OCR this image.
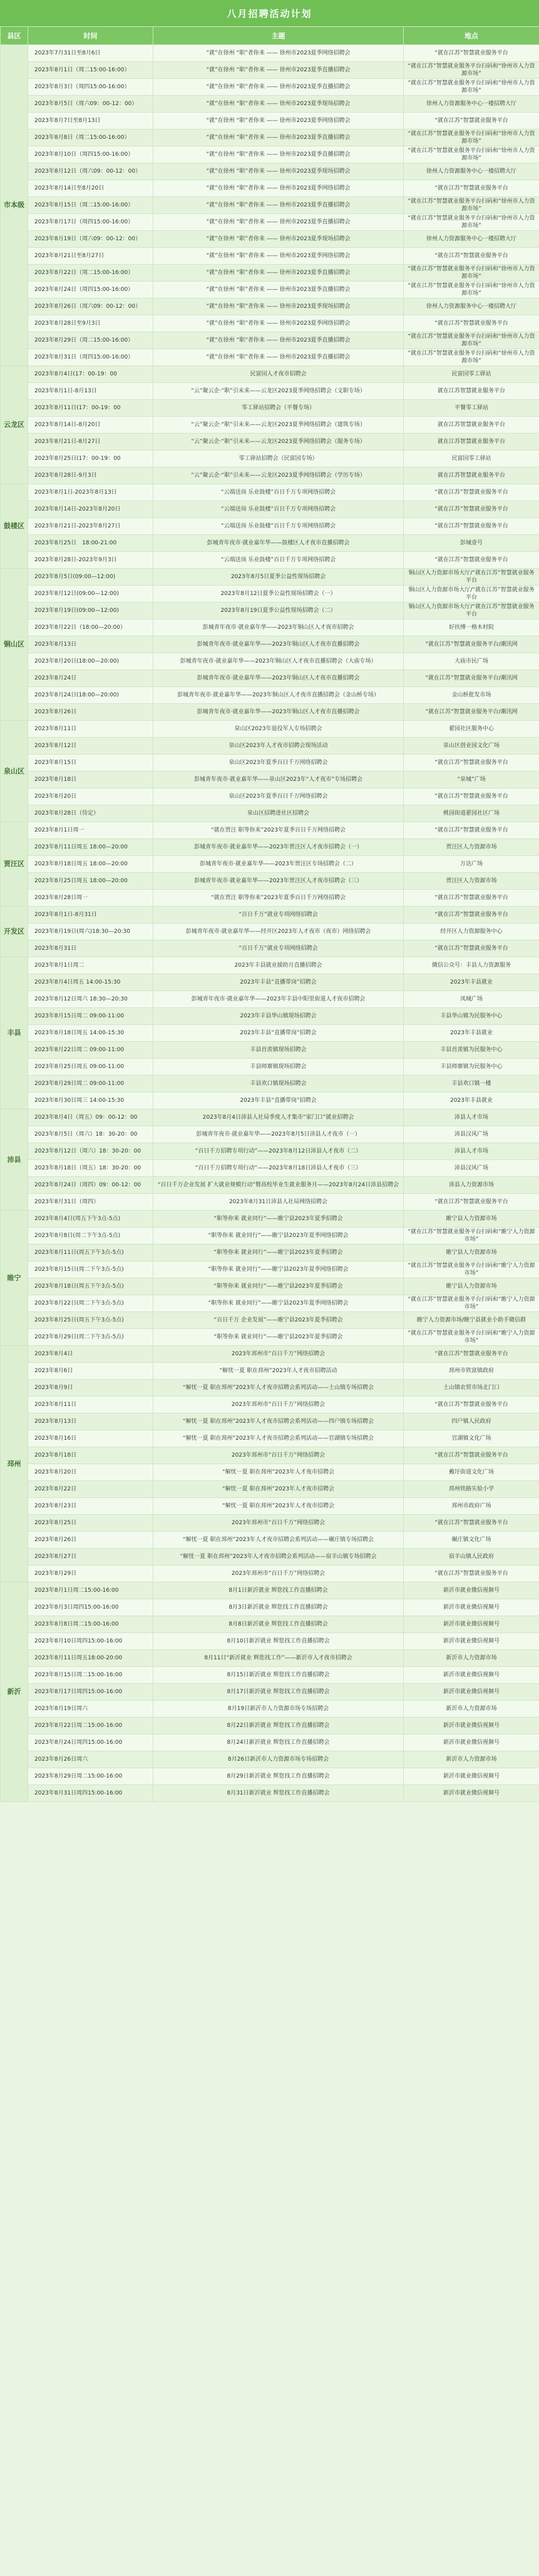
八月招聘活动计划
县区	时间	主题	地点
市本级	2023年7月31日至8月6日	“就”在徐州 “职”者你来 —— 徐州市2023夏季网络招聘会	“就在江苏”智慧就业服务平台
	2023年8月1日（周二15:00-16:00）	“就”在徐州 “职”者你来 —— 徐州市2023夏季直播招聘会	“就在江苏”智慧就业服务平台扫码和“徐州市人力资源市场”
	2023年8月3日（周四15:00-16:00）	“就”在徐州 “职”者你来 —— 徐州市2023夏季直播招聘会	“就在江苏”智慧就业服务平台扫码和“徐州市人力资源市场”
	2023年8月5日（周六09：00-12：00）	“就”在徐州 “职”者你来 —— 徐州市2023夏季现场招聘会	徐州人力资源服务中心一楼招聘大厅
	2023年8月7日至8月13日	“就”在徐州 “职”者你来 —— 徐州市2023夏季网络招聘会	“就在江苏”智慧就业服务平台
	2023年8月8日（周二15:00-16:00）	“就”在徐州 “职”者你来 —— 徐州市2023夏季直播招聘会	“就在江苏”智慧就业服务平台扫码和“徐州市人力资源市场”
	2023年8月10日（周四15:00-16:00）	“就”在徐州 “职”者你来 —— 徐州市2023夏季直播招聘会	“就在江苏”智慧就业服务平台扫码和“徐州市人力资源市场”
	2023年8月12日（周六09：00-12：00）	“就”在徐州 “职”者你来 —— 徐州市2023夏季现场招聘会	徐州人力资源服务中心一楼招聘大厅
	2023年8月14日至8月20日	“就”在徐州 “职”者你来 —— 徐州市2023夏季网络招聘会	“就在江苏”智慧就业服务平台
	2023年8月15日（周二15:00-16:00）	“就”在徐州 “职”者你来 —— 徐州市2023夏季直播招聘会	“就在江苏”智慧就业服务平台扫码和“徐州市人力资源市场”
	2023年8月17日（周四15:00-16:00）	“就”在徐州 “职”者你来 —— 徐州市2023夏季直播招聘会	“就在江苏”智慧就业服务平台扫码和“徐州市人力资源市场”
	2023年8月19日（周六09：00-12：00）	“就”在徐州 “职”者你来 —— 徐州市2023夏季现场招聘会	徐州人力资源服务中心一楼招聘大厅
	2023年8月21日至8月27日	“就”在徐州 “职”者你来 —— 徐州市2023夏季网络招聘会	“就在江苏”智慧就业服务平台
	2023年8月22日（周二15:00-16:00）	“就”在徐州 “职”者你来 —— 徐州市2023夏季直播招聘会	“就在江苏”智慧就业服务平台扫码和“徐州市人力资源市场”
	2023年8月24日（周四15:00-16:00）	“就”在徐州 “职”者你来 —— 徐州市2023夏季直播招聘会	“就在江苏”智慧就业服务平台扫码和“徐州市人力资源市场”
	2023年8月26日（周六09：00-12：00）	“就”在徐州 “职”者你来 —— 徐州市2023夏季现场招聘会	徐州人力资源服务中心一楼招聘大厅
	2023年8月28日至9月3日	“就”在徐州 “职”者你来 —— 徐州市2023夏季网络招聘会	“就在江苏”智慧就业服务平台
	2023年8月29日（周二15:00-16:00）	“就”在徐州 “职”者你来 —— 徐州市2023夏季直播招聘会	“就在江苏”智慧就业服务平台扫码和“徐州市人力资源市场”
	2023年8月31日（周四15:00-16:00）	“就”在徐州 “职”者你来 —— 徐州市2023夏季直播招聘会	“就在江苏”智慧就业服务平台扫码和“徐州市人力资源市场”
云龙区	2023年8月4日(17：00-19：00	民富园人才夜市招聘会	民富园零工驿站
	2023年8月1日-8月13日	“云”聚云企·“职”引未来——云龙区2023夏季网络招聘会（文职专场）	就在江苏智慧就业服务平台
	2023年8月11日(17：00-19：00	零工驿站招聘会（平餐专场）	平餐零工驿站
	2023年8月14日-8月20日	“云”聚云企·“职”引未来——云龙区2023夏季网络招聘会（建筑专场）	就在江苏智慧就业服务平台
	2023年8月21日-8月27日	“云”聚云企·“职”引未来——云龙区2023夏季网络招聘会（服务专场）	就在江苏智慧就业服务平台
	2023年8月25日(17：00-19：00	零工驿站招聘会（民富园专场）	民富园零工驿站
	2023年8月28日-9月3日	“云”聚云企·“职”引未来——云龙区2023夏季网络招聘会（学历专场）	就在江苏智慧就业服务平台
鼓楼区	2023年8月1日-2023年8月13日	“云端送岗 乐业鼓楼”百日千万专项网络招聘会	“就在江苏”智慧就业服务平台
	2023年8月14日-2023年8月20日	“云端送岗 乐业鼓楼”百日千万专项网络招聘会	“就在江苏”智慧就业服务平台
	2023年8月21日-2023年8月27日	“云端送岗 乐业鼓楼”百日千万专项网络招聘会	“就在江苏”智慧就业服务平台
	2023年8月25日　18:00-21:00	彭城青年夜市·就业嘉年华——鼓楼区人才夜市直播招聘会	彭城壹号
	2023年8月28日-2023年9月3日	“云端送岗 乐业鼓楼”百日千万专项网络招聘会	“就在江苏”智慧就业服务平台
铜山区	2023年8月5日(09:00—12:00)	2023年8月5日夏季公益性现场招聘会	铜山区人力资源市场大厅/“就在江苏”智慧就业服务平台
	2023年8月12日(09:00—12:00)	2023年8月12日夏季公益性现场招聘会（一）	铜山区人力资源市场大厅/“就在江苏”智慧就业服务平台
	2023年8月19日(09:00—12:00)	2023年8月19日夏季公益性现场招聘会（二）	铜山区人力资源市场大厅/“就在江苏”智慧就业服务平台
	2023年8月22日（18:00—20:00）	彭城青年夜市·就业嘉年华——2023年铜山区人才夜市招聘会	好扶博一格木村院
	2023年8月13日	彭城青年夜市·就业嘉年华——2023年铜山区人才夜市直播招聘会	“就在江苏”智慧就业服务平台/潮汛网
	2023年8月20日(18:00—20:00)	彭城青年夜市·就业嘉年华——2023年铜山区人才夜市直播招聘会（大庙专场）	大庙市民广场
	2023年8月24日	彭城青年夜市·就业嘉年华——2023年铜山区人才夜市直播招聘会	“就在江苏”智慧就业服务平台/潮汛网
	2023年8月24日(18:00—20:00)	彭城青年夜市·就业嘉年华——2023年铜山区人才夜市直播招聘会（金山桥专场）	金山桥批发市场
	2023年8月26日	彭城青年夜市·就业嘉年华——2023年铜山区人才夜市直播招聘会	“就在江苏”智慧就业服务平台/潮汛网
泉山区	2023年8月11日	泉山区2023年退役军人专场招聘会	翟园社区服务中心
	2023年8月12日	泉山区2023年人才夜市招聘会现场活动	泉山区创业园文化广场
	2023年8月15日	泉山区2023年夏季百日千万网络招聘会	“就在江苏”智慧就业服务平台
	2023年8月18日	彭城青年夜市·就业嘉年华——泉山区2023年“人才夜市”专场招聘会	“泉城”广场
	2023年8月20日	泉山区2023年夏季百日千万网络招聘会	“就在江苏”智慧就业服务平台
	2023年8月28日（待定）	泉山区招聘进社区招聘会	桃园街道翟园社区广场
贾汪区	2023年8月1日周一	“就在贾汪 职等你来”2023年夏季百日千万网络招聘会	“就在江苏”智慧就业服务平台
	2023年8月11日周五 18:00—20:00	彭城青年夜市·就业嘉年华——2023年贾汪区人才夜市招聘会（一）	贾汪区人力资源市场
	2023年8月18日周五 18:00—20:00	彭城青年夜市·就业嘉年华——2023年贾汪区专场招聘会（二）	万达广场
	2023年8月25日周五 18:00—20:00	彭城青年夜市·就业嘉年华——2023年贾汪区人才夜市招聘会（三）	贾汪区人力资源市场
	2023年8月28日周一	“就在贾汪 职等你来”2023年夏季百日千万网络招聘会	“就在江苏”智慧就业服务平台
开发区	2023年8月1日-8月31日	“百日千万”就业专项网络招聘会	“就在江苏”智慧就业服务平台
	2023年8月19日(周六)18:30—20:30	彭城青年夜市·就业嘉年华——经开区2023年人才夜市（夜市）网络招聘会	经开区人力资源服务中心
	2023年8月31日	“百日千万”就业专项网络招聘会	“就在江苏”智慧就业服务平台
丰县	2023年8月1日周二	2023年丰县就业援助月直播招聘会	微信公众号：丰县人力资源服务
	2023年8月4日周五 14:00-15:30	2023年丰县“直播带岗”招聘会	2023年丰县就业
	2023年8月12日周六 18:30—20:30	彭城青年夜市·就业嘉年华——2023年丰县中阳里街道人才夜市招聘会	凤城广场
	2023年8月15日周二 09:00-11:00	2023年丰县华山镇现场招聘会	丰县华山镇为民服务中心
	2023年8月18日周五 14:00-15:30	2023年丰县“直播带岗”招聘会	2023年丰县就业
	2023年8月22日周二 09:00-11:00	丰县首羡镇现场招聘会	丰县首羡镇为民服务中心
	2023年8月25日周五 09:00-11:00	丰县师寨镇现场招聘会	丰县师寨镇为民服务中心
	2023年8月29日周二 09:00-11:00	丰县欢口镇现场招聘会	丰县欢口镇一楼
	2023年8月30日周三 14:00-15:30	2023年丰县“直播带岗”招聘会	2023年丰县就业
沛县	2023年8月4日（周五）09：00-12：00	2023年8月4日沛县人社局季度人才集市“家门口”就业招聘会	沛县人才市场
	2023年8月5日（周六）18：30-20：00	彭城青年夜市·就业嘉年华——2023年8月5日沛县人才夜市（一）	沛县汉风广场
	2023年8月12日（周六）18：30-20：00	“百日千万招聘专项行动”——2023年8月12日沛县人才夜市（二）	沛县人才市场
	2023年8月18日（周五）18：30-20：00	“百日千万招聘专项行动”——2023年8月18日沛县人才夜市（三）	沛县汉风广场
	2023年8月24日（周四）09：00-12：00	“百日千万企业发展 扩大就业规模行动”暨高校毕业生就业服务月——2023年8月24日沛县招聘会	沛县人力资源市场
	2023年8月31日（周四）	2023年8月31日沛县人社局网络招聘会	“就在江苏”智慧就业服务平台
睢宁	2023年8月4日(周五下午3点-5点)	“职等你来 就业同行”——睢宁县2023年夏季招聘会	睢宁县人力资源市场
	2023年8月8日(周二下午3点-5点)	“职等你来 就业同行”——睢宁县2023年夏季网络招聘会	“就在江苏”智慧就业服务平台扫码和“睢宁人力资源市场”
	2023年8月11日(周五下午3点-5点)	“职等你来 就业同行”——睢宁县2023年夏季招聘会	睢宁县人力资源市场
	2023年8月15日(周二下午3点-5点)	“职等你来 就业同行”——睢宁县2023年夏季网络招聘会	“就在江苏”智慧就业服务平台扫码和“睢宁人力资源市场”
	2023年8月18日(周五下午3点-5点)	“职等你来 就业同行”——睢宁县2023年夏季招聘会	睢宁县人力资源市场
	2023年8月22日(周二下午3点-5点)	“职等你来 就业同行”——睢宁县2023年夏季网络招聘会	“就在江苏”智慧就业服务平台扫码和“睢宁人力资源市场”
	2023年8月25日(周五下午3点-5点)	“百日千万 企业发展”——睢宁县2023年夏季招聘会	睢宁人力资源市场/睢宁县就业小助手微信群
	2023年8月29日(周二下午3点-5点)	“职等你来 就业同行”——睢宁县2023年夏季招聘会	“就在江苏”智慧就业服务平台扫码和“睢宁人力资源市场”
邳州	2023年8月4日	2023年邳州市“百日千万”网络招聘会	“就在江苏”智慧就业服务平台
	2023年8月6日	“解忧一夏 职在邳州”2023年人才夜市招聘活动	邳州市铁富镇政府
	2023年8月9日	“解忧一夏 职在邳州”2023年人才夜市招聘会系列活动——土山镇专场招聘会	土山镇农贸市场北门口
	2023年8月11日	2023年邳州市“百日千万”网络招聘会	“就在江苏”智慧就业服务平台
	2023年8月13日	“解忧一夏 职在邳州”2023年人才夜市招聘会系列活动——四户镇专场招聘会	四户镇人民政府
	2023年8月16日	“解忧一夏 职在邳州”2023年人才夜市招聘会系列活动——官湖镇专场招聘会	官湖镇文化广场
	2023年8月18日	2023年邳州市“百日千万”网络招聘会	“就在江苏”智慧就业服务平台
	2023年8月20日	“解忧一夏 职在邳州”2023年人才夜市招聘会	戴圩街道文化广场
	2023年8月22日	“解忧一夏 职在邳州”2023年人才夜市招聘会	邳州铁路实验小学
	2023年8月23日	“解忧一夏 职在邳州”2023年人才夜市招聘会	邳州市政府广场
	2023年8月25日	2023年邳州市“百日千万”网络招聘会	“就在江苏”智慧就业服务平台
	2023年8月26日	“解忧一夏 职在邳州”2023年人才夜市招聘会系列活动——碾庄镇专场招聘会	碾庄镇文化广场
	2023年8月27日	“解忧一夏 职在邳州”2023年人才夜市招聘会系列活动——宿羊山镇专场招聘会	宿羊山镇人民政府
	2023年8月29日	2023年邳州市“百日千万”网络招聘会	“就在江苏”智慧就业服务平台
新沂	2023年8月1日周二15:00-16:00	8月1日新沂就业 辉您找工作直播招聘会	新沂市就业微信视频号
	2023年8月3日周四15:00-16:00	8月3日新沂就业 辉您找工作直播招聘会	新沂市就业微信视频号
	2023年8月8日周二15:00-16:00	8月8日新沂就业 辉您找工作直播招聘会	新沂市就业微信视频号
	2023年8月10日周四15:00-16:00	8月10日新沂就业 辉您找工作直播招聘会	新沂市就业微信视频号
	2023年8月11日周五18:00-20:00	8月11日“新沂就业 辉您找工作”——新沂市人才夜市招聘会	新沂市人力资源市场
	2023年8月15日周二15:00-16:00	8月15日新沂就业 辉您找工作直播招聘会	新沂市就业微信视频号
	2023年8月17日周四15:00-16:00	8月17日新沂就业 辉您找工作直播招聘会	新沂市就业微信视频号
	2023年8月19日周六	8月19日新沂市人力资源市场专场招聘会	新沂市人力资源市场
	2023年8月22日周二15:00-16:00	8月22日新沂就业 辉您找工作直播招聘会	新沂市就业微信视频号
	2023年8月24日周四15:00-16:00	8月24日新沂就业 辉您找工作直播招聘会	新沂市就业微信视频号
	2023年8月26日周六	8月26日新沂市人力资源市场专场招聘会	新沂市人力资源市场
	2023年8月29日周二15:00-16:00	8月29日新沂就业 辉您找工作直播招聘会	新沂市就业微信视频号
	2023年8月31日周四15:00-16:00	8月31日新沂就业 辉您找工作直播招聘会	新沂市就业微信视频号
